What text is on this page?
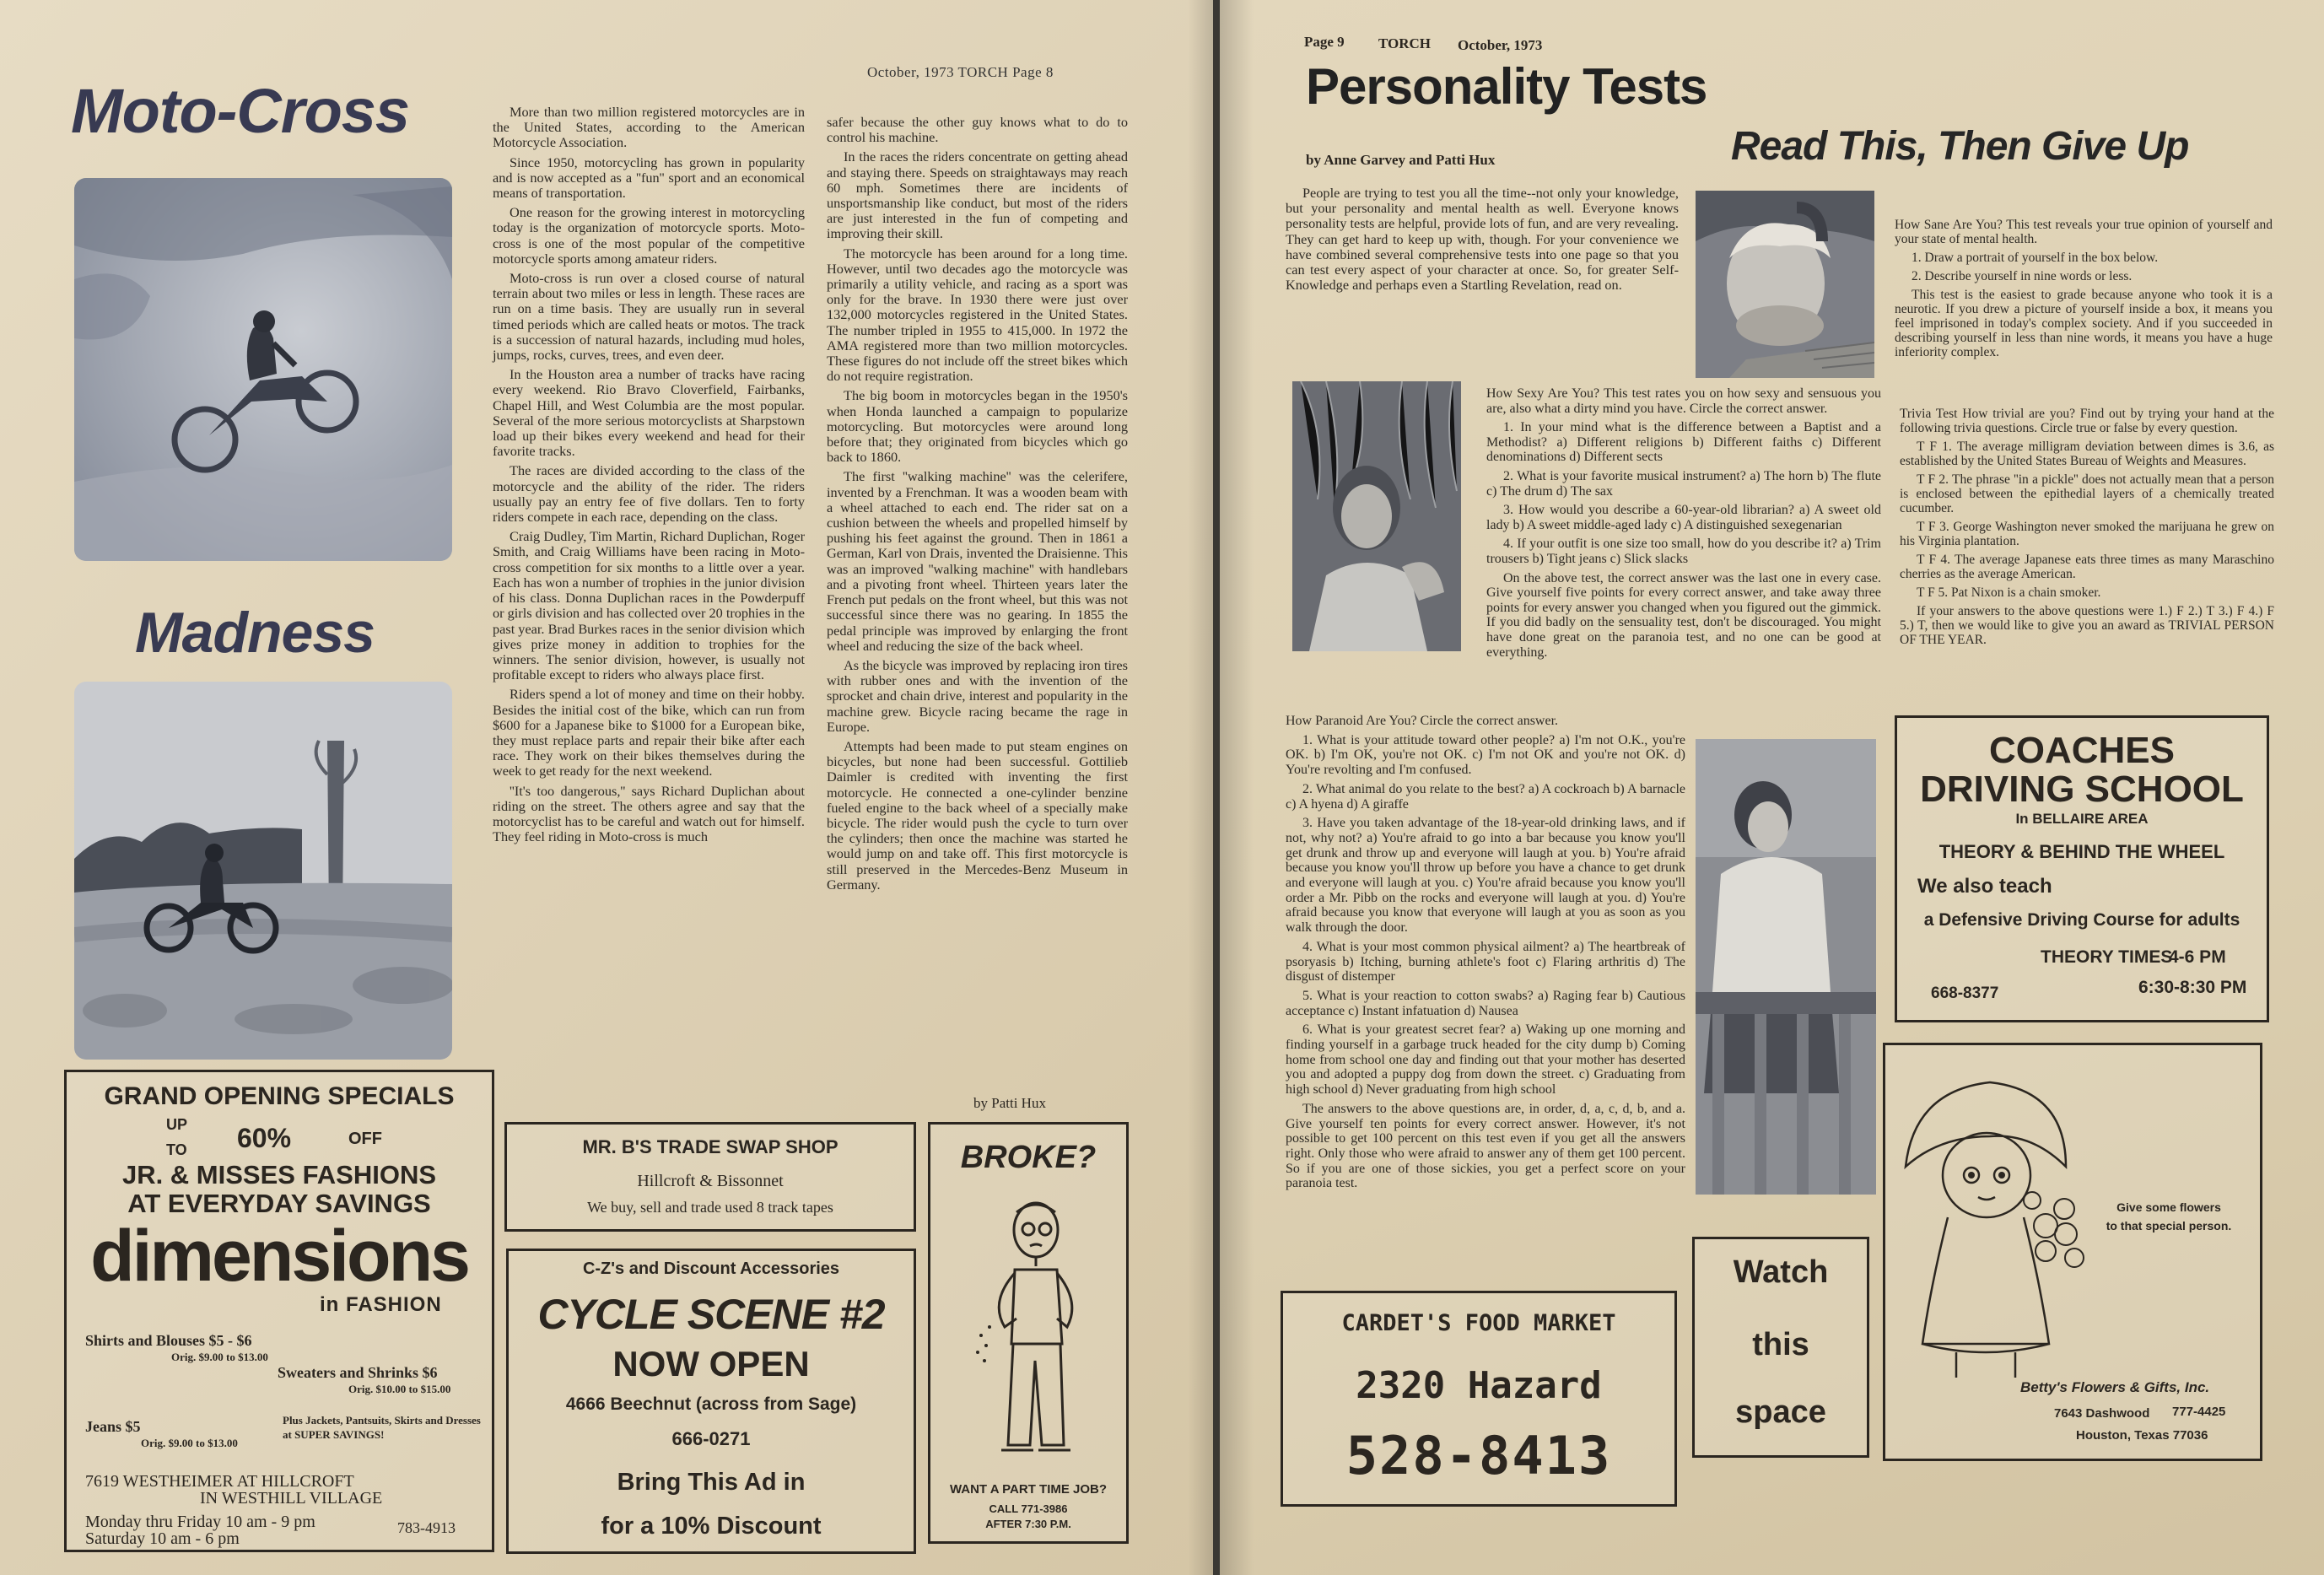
October, 1973 TORCH Page 8
Moto-Cross
Madness

More than two million registered motorcycles are in the United States, according to the American Motorcycle Association.

Since 1950, motorcycling has grown in popularity and is now accepted as a ''fun'' sport and an economical means of transportation.

One reason for the growing interest in motorcycling today is the organization of motorcycle sports. Moto-cross is one of the most popular of the competitive motorcycle sports among amateur riders.

Moto-cross is run over a closed course of natural terrain about two miles or less in length. These races are run on a time basis. They are usually run in several timed periods which are called heats or motos. The track is a succession of natural hazards, including mud holes, jumps, rocks, curves, trees, and even deer.

In the Houston area a number of tracks have racing every weekend. Rio Bravo Cloverfield, Fairbanks, Chapel Hill, and West Columbia are the most popular. Several of the more serious motorcyclists at Sharpstown load up their bikes every weekend and head for their favorite tracks.

The races are divided according to the class of the motorcycle and the ability of the rider. The riders usually pay an entry fee of five dollars. Ten to forty riders compete in each race, depending on the class.

Craig Dudley, Tim Martin, Richard Duplichan, Roger Smith, and Craig Williams have been racing in Moto-cross competition for six months to a little over a year. Each has won a number of trophies in the junior division of his class. Donna Duplichan races in the Powderpuff or girls division and has collected over 20 trophies in the past year. Brad Burkes races in the senior division which gives prize money in addition to trophies for the winners. The senior division, however, is usually not profitable except to riders who always place first.

Riders spend a lot of money and time on their hobby. Besides the initial cost of the bike, which can run from $600 for a Japanese bike to $1000 for a European bike, they must replace parts and repair their bike after each race. They work on their bikes themselves during the week to get ready for the next weekend.

''It's too dangerous,'' says Richard Duplichan about riding on the street. The others agree and say that the motorcyclist has to be careful and watch out for himself. They feel riding in Moto-cross is much

safer because the other guy knows what to do to control his machine.

In the races the riders concentrate on getting ahead and staying there. Speeds on straightaways may reach 60 mph. Sometimes there are incidents of unsportsmanship like conduct, but most of the riders are just interested in the fun of competing and improving their skill.

The motorcycle has been around for a long time. However, until two decades ago the motorcycle was primarily a utility vehicle, and racing as a sport was only for the brave. In 1930 there were just over 132,000 motorcycles registered in the United States. The number tripled in 1955 to 415,000. In 1972 the AMA registered more than two million motorcycles. These figures do not include off the street bikes which do not require registration.

The big boom in motorcycles began in the 1950's when Honda launched a campaign to popularize motorcycling. But motorcycles were around long before that; they originated from bicycles which go back to 1860.

The first ''walking machine'' was the celerifere, invented by a Frenchman. It was a wooden beam with a wheel attached to each end. The rider sat on a cushion between the wheels and propelled himself by pushing his feet against the ground. Then in 1861 a German, Karl von Drais, invented the Draisienne. This was an improved ''walking machine'' with handlebars and a pivoting front wheel. Thirteen years later the French put pedals on the front wheel, but this was not successful since there was no gearing. In 1855 the pedal principle was improved by enlarging the front wheel and reducing the size of the back wheel.

As the bicycle was improved by replacing iron tires with rubber ones and with the invention of the sprocket and chain drive, interest and popularity in the machine grew. Bicycle racing became the rage in Europe.

Attempts had been made to put steam engines on bicycles, but none had been successful. Gottilieb Daimler is credited with inventing the first motorcycle. He connected a one-cylinder benzine fueled engine to the back wheel of a specially make bicycle. The rider would push the cycle to turn over the cylinders; then once the machine was started he would jump on and take off. This first motorcycle is still preserved in the Mercedes-Benz Museum in Germany.

by Patti Hux
GRAND OPENING SPECIALS
UP
TO 60%	OFF
JR. & MISSES FASHIONS
AT EVERYDAY SAVINGS
dimensions
in FASHION
Shirts and Blouses $5 - $6
Orig. $9.00 to $13.00
Sweaters and Shrinks $6
Orig. $10.00 to $15.00
Jeans $5
Orig. $9.00 to $13.00
Plus Jackets, Pantsuits, Skirts and Dresses at SUPER SAVINGS!
7619 WESTHEIMER AT HILLCROFT
IN WESTHILL VILLAGE
Monday thru Friday 10 am - 9 pm
Saturday 10 am - 6 pm
783-4913
MR. B'S TRADE SWAP SHOP
Hillcroft & Bissonnet
We buy, sell and trade used 8 track tapes
C-Z's and Discount Accessories
CYCLE SCENE #2
NOW OPEN
4666 Beechnut (across from Sage)
666-0271
Bring This Ad in
for a 10% Discount
BROKE?
WANT A PART TIME JOB?
CALL 771-3986
AFTER 7:30 P.M.
Page 9 TORCH October, 1973
Personality Tests
Read This, Then Give Up
by Anne Garvey and Patti Hux

People are trying to test you all the time--not only your knowledge, but your personality and mental health as well. Everyone knows personality tests are helpful, provide lots of fun, and are very revealing. They can get hard to keep up with, though. For your convenience we have combined several comprehensive tests into one page so that you can test every aspect of your character at once. So, for greater Self-Knowledge and perhaps even a Startling Revelation, read on.

How Sexy Are You? This test rates you on how sexy and sensuous you are, also what a dirty mind you have. Circle the correct answer.

1. In your mind what is the difference between a Baptist and a Methodist? a) Different religions b) Different faiths c) Different denominations d) Different sects

2. What is your favorite musical instrument? a) The horn b) The flute c) The drum d) The sax

3. How would you describe a 60-year-old librarian? a) A sweet old lady b) A sweet middle-aged lady c) A distinguished sexegenarian

4. If your outfit is one size too small, how do you describe it? a) Trim trousers b) Tight jeans c) Slick slacks

On the above test, the correct answer was the last one in every case. Give yourself five points for every correct answer, and take away three points for every answer you changed when you figured out the gimmick. If you did badly on the sensuality test, don't be discouraged. You might have done great on the paranoia test, and no one can be good at everything.

How Paranoid Are You? Circle the correct answer.

1. What is your attitude toward other people? a) I'm not O.K., you're OK. b) I'm OK, you're not OK. c) I'm not OK and you're not OK. d) You're revolting and I'm confused.

2. What animal do you relate to the best? a) A cockroach b) A barnacle c) A hyena d) A giraffe

3. Have you taken advantage of the 18-year-old drinking laws, and if not, why not? a) You're afraid to go into a bar because you know you'll get drunk and throw up and everyone will laugh at you. b) You're afraid because you know you'll throw up before you have a chance to get drunk and everyone will laugh at you. c) You're afraid because you know you'll order a Mr. Pibb on the rocks and everyone will laugh at you. d) You're afraid because you know that everyone will laugh at you as soon as you walk through the door.

4. What is your most common physical ailment? a) The heartbreak of psoryasis b) Itching, burning athlete's foot c) Flaring arthritis d) The disgust of distemper

5. What is your reaction to cotton swabs? a) Raging fear b) Cautious acceptance c) Instant infatuation d) Nausea

6. What is your greatest secret fear? a) Waking up one morning and finding yourself in a garbage truck headed for the city dump b) Coming home from school one day and finding out that your mother has deserted you and adopted a puppy dog from down the street. c) Graduating from high school d) Never graduating from high school

The answers to the above questions are, in order, d, a, c, d, b, and a. Give yourself ten points for every correct answer. However, it's not possible to get 100 percent on this test even if you get all the answers right. Only those who were afraid to answer any of them get 100 percent. So if you are one of those sickies, you get a perfect score on your paranoia test.

How Sane Are You? This test reveals your true opinion of yourself and your state of mental health.

1. Draw a portrait of yourself in the box below.

2. Describe yourself in nine words or less.

This test is the easiest to grade because anyone who took it is a neurotic. If you drew a picture of yourself inside a box, it means you feel imprisoned in today's complex society. And if you succeeded in describing yourself in less than nine words, it means you have a huge inferiority complex.

Trivia Test How trivial are you? Find out by trying your hand at the following trivia questions. Circle true or false by every question.

T F 1. The average milligram deviation between dimes is 3.6, as established by the United States Bureau of Weights and Measures.

T F 2. The phrase ''in a pickle'' does not actually mean that a person is enclosed between the epithedial layers of a chemically treated cucumber.

T F 3. George Washington never smoked the marijuana he grew on his Virginia plantation.

T F 4. The average Japanese eats three times as many Maraschino cherries as the average American.

T F 5. Pat Nixon is a chain smoker.

If your answers to the above questions were 1.) F 2.) T 3.) F 4.) F 5.) T, then we would like to give you an award as TRIVIAL PERSON OF THE YEAR.

COACHES
DRIVING SCHOOL
In BELLAIRE AREA
THEORY & BEHIND THE WHEEL
We also teach
a Defensive Driving Course for adults
THEORY TIMES
4-6 PM
6:30-8:30 PM
668-8377
Give some flowers
to that special person.
Betty's Flowers & Gifts, Inc.
7643 Dashwood 777-4425
Houston, Texas 77036
CARDET'S FOOD MARKET
2320 Hazard
528-8413
Watch
this
space
